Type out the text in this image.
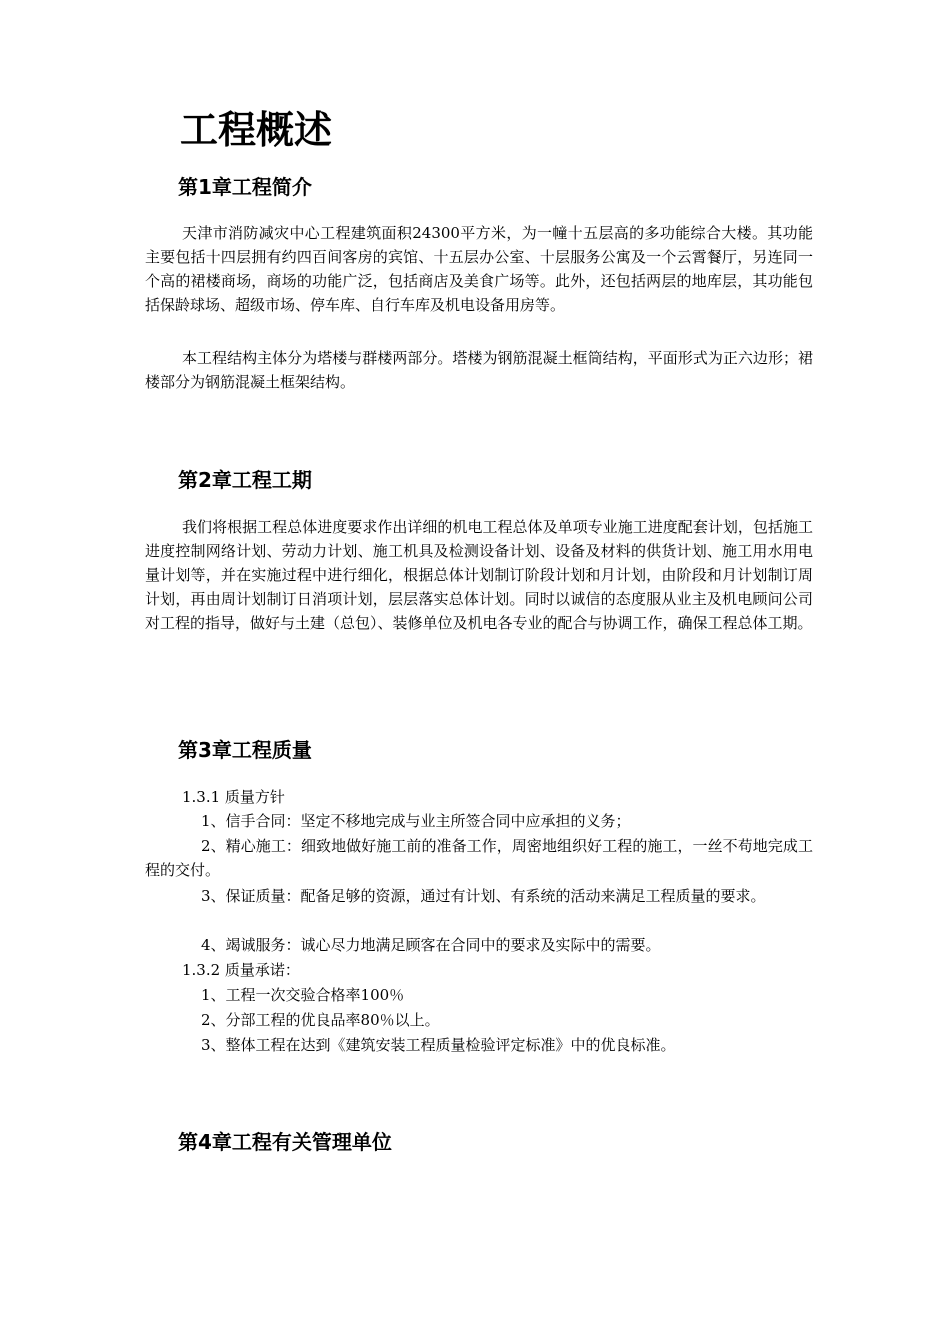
工程概述
第1章工程简介

天津市消防减灾中心工程建筑面积24300平方米，为一幢十五层高的多功能综合大楼。其功能主要包括十四层拥有约四百间客房的宾馆、十五层办公室、十层服务公寓及一个云霄餐厅，另连同一个高的裙楼商场，商场的功能广泛，包括商店及美食广场等。此外，还包括两层的地库层，其功能包括保龄球场、超级市场、停车库、自行车库及机电设备用房等。

本工程结构主体分为塔楼与群楼两部分。塔楼为钢筋混凝土框筒结构，平面形式为正六边形；裙楼部分为钢筋混凝土框架结构。

第2章工程工期

我们将根据工程总体进度要求作出详细的机电工程总体及单项专业施工进度配套计划，包括施工进度控制网络计划、劳动力计划、施工机具及检测设备计划、设备及材料的供货计划、施工用水用电量计划等，并在实施过程中进行细化，根据总体计划制订阶段计划和月计划，由阶段和月计划制订周计划，再由周计划制订日消项计划，层层落实总体计划。同时以诚信的态度服从业主及机电顾问公司对工程的指导，做好与土建（总包）、装修单位及机电各专业的配合与协调工作，确保工程总体工期。

第3章工程质量

1.3.1 质量方针

1、信手合同：坚定不移地完成与业主所签合同中应承担的义务；

2、精心施工：细致地做好施工前的准备工作，周密地组织好工程的施工，一丝不苟地完成工程的交付。

3、保证质量：配备足够的资源，通过有计划、有系统的活动来满足工程质量的要求。

4、竭诚服务：诚心尽力地满足顾客在合同中的要求及实际中的需要。

1.3.2 质量承诺：

1、工程一次交验合格率100％

2、分部工程的优良品率80％以上。

3、整体工程在达到《建筑安装工程质量检验评定标准》中的优良标准。

第4章工程有关管理单位
